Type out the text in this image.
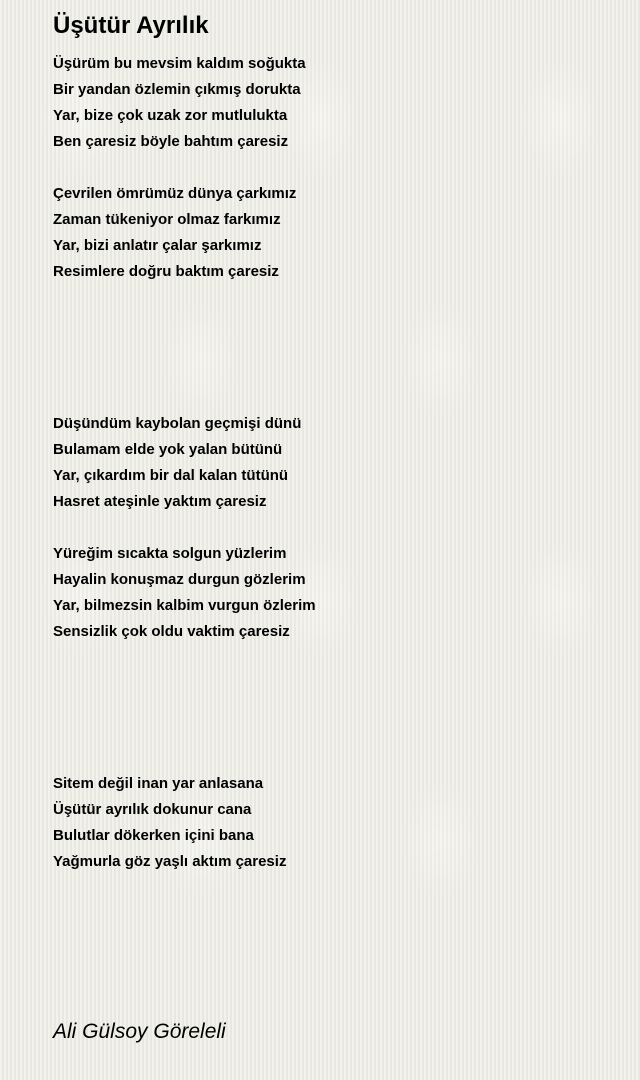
Üşütür Ayrılık
Üşürüm bu mevsim kaldım soğukta
Bir yandan özlemin çıkmış dorukta
Yar, bize çok uzak zor mutlulukta
Ben çaresiz böyle bahtım çaresiz
Çevrilen ömrümüz dünya çarkımız
Zaman tükeniyor olmaz farkımız
Yar, bizi anlatır çalar şarkımız
Resimlere doğru baktım çaresiz
Düşündüm kaybolan geçmişi dünü
Bulamam elde yok yalan bütünü
Yar, çıkardım bir dal kalan tütünü
Hasret ateşinle yaktım çaresiz
Yüreğim sıcakta solgun yüzlerim
Hayalin konuşmaz durgun gözlerim
Yar, bilmezsin kalbim vurgun özlerim
Sensizlik çok oldu vaktim çaresiz
Sitem değil inan yar anlasana
Üşütür ayrılık dokunur cana
Bulutlar dökerken içini bana
Yağmurla göz yaşlı aktım çaresiz
Ali Gülsoy Göreleli
